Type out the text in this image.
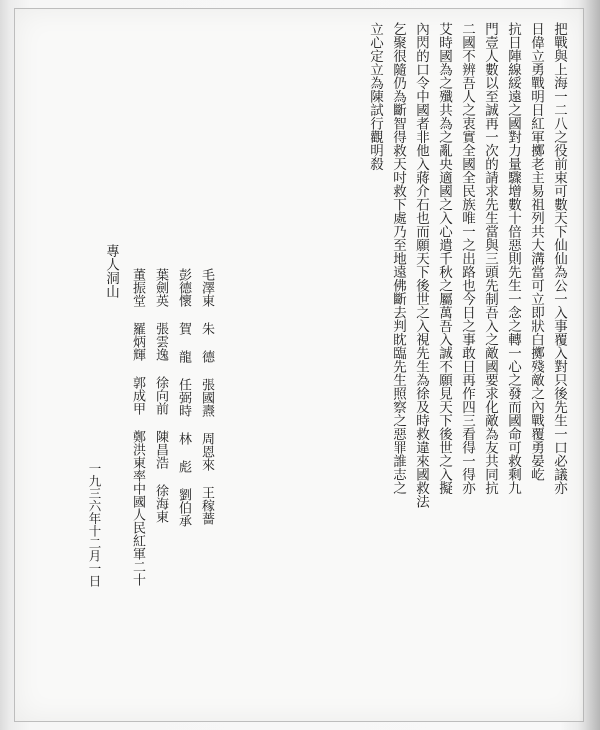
把戰與上海一二八之役前束可數天下仙仙為公一入事覆入對只後先生一口必議亦
日偉立勇戰明日紅軍擲老主易祖列共大溝當可立即狀白擲殘敵之內戰覆勇晏屹
抗日陣線綏遠之國對力量驟增數十倍惡則先生一念之轉一心之發而國命可救剩九
門壹人數以至誠再一次的請求先生當與三頭先制吾入之敵國要求化敵為友共同抗
二國不辨吾人之衷實全國全民族唯一之出路也今日之事敢日再作四三看得一得亦
艾時國為之殲共為之亂央適國之入心遣千秋之屬萬吾入誠不願見天下後世之入擬
內閃的口令中國者非他入蔣介石也而願天下後世之入視先生為徐及時救違來國救法
乞聚很隨仍為斷智得救天吋救下處乃至地遠佛斷去判眈臨先生照察之惡罪誰志之
立心定立為陳試行觀明殺
專人洞山	毛澤東 朱 德 張國燾 周恩來 王稼薔
彭德懷 賀 龍 任弼時 林 彪 劉伯承
葉劍英 張雲逸 徐向前 陳昌浩 徐海東
董振堂 羅炳輝 郭成甲 鄭洪東率中國人民紅軍二十
一九三六年十二月一日
